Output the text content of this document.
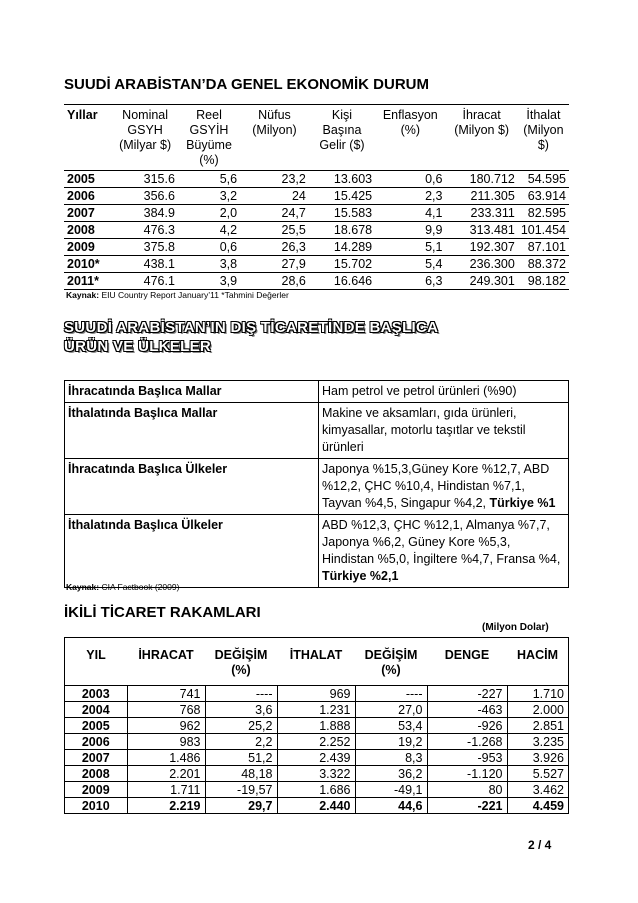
SUUDİ ARABİSTAN’DA GENEL EKONOMİK DURUM
Yıllar	Nominal GSYH (Milyar $)	Reel GSYİH Büyüme (%)	Nüfus (Milyon)	Kişi Başına Gelir ($)	Enflasyon (%)	İhracat (Milyon $)	İthalat (Milyon $)
2005	315.6	5,6	23,2	13.603	0,6	180.712	54.595
2006	356.6	3,2	24	15.425	2,3	211.305	63.914
2007	384.9	2,0	24,7	15.583	4,1	233.311	82.595
2008	476.3	4,2	25,5	18.678	9,9	313.481	101.454
2009	375.8	0,6	26,3	14.289	5,1	192.307	87.101
2010*	438.1	3,8	27,9	15.702	5,4	236.300	88.372
2011*	476.1	3,9	28,6	16.646	6,3	249.301	98.182
Kaynak: EIU Country Report January’11 *Tahmini Değerler
SUUDİ ARABİSTAN’IN DIŞ TİCARETİNDE BAŞLICA
ÜRÜN VE ÜLKELER
İhracatında Başlıca Mallar	Ham petrol ve petrol ürünleri (%90)
İthalatında Başlıca Mallar	Makine ve aksamları, gıda ürünleri, kimyasallar, motorlu taşıtlar ve tekstil ürünleri
İhracatında Başlıca Ülkeler	Japonya %15,3,Güney Kore %12,7, ABD %12,2, ÇHC %10,4, Hindistan %7,1, Tayvan %4,5, Singapur %4,2, Türkiye %1
İthalatında Başlıca Ülkeler	ABD %12,3, ÇHC %12,1, Almanya %7,7, Japonya %6,2, Güney Kore %5,3, Hindistan %5,0, İngiltere %4,7, Fransa %4, Türkiye %2,1
Kaynak: CIA Factbook (2009)
İKİLİ TİCARET RAKAMLARI
(Milyon Dolar)
YIL	İHRACAT	DEĞİŞİM (%)	İTHALAT	DEĞİŞİM (%)	DENGE	HACİM
2003	741	----	969	----	-227	1.710
2004	768	3,6	1.231	27,0	-463	2.000
2005	962	25,2	1.888	53,4	-926	2.851
2006	983	2,2	2.252	19,2	-1.268	3.235
2007	1.486	51,2	2.439	8,3	-953	3.926
2008	2.201	48,18	3.322	36,2	-1.120	5.527
2009	1.711	-19,57	1.686	-49,1	80	3.462
2010	2.219	29,7	2.440	44,6	-221	4.459
2 / 4
